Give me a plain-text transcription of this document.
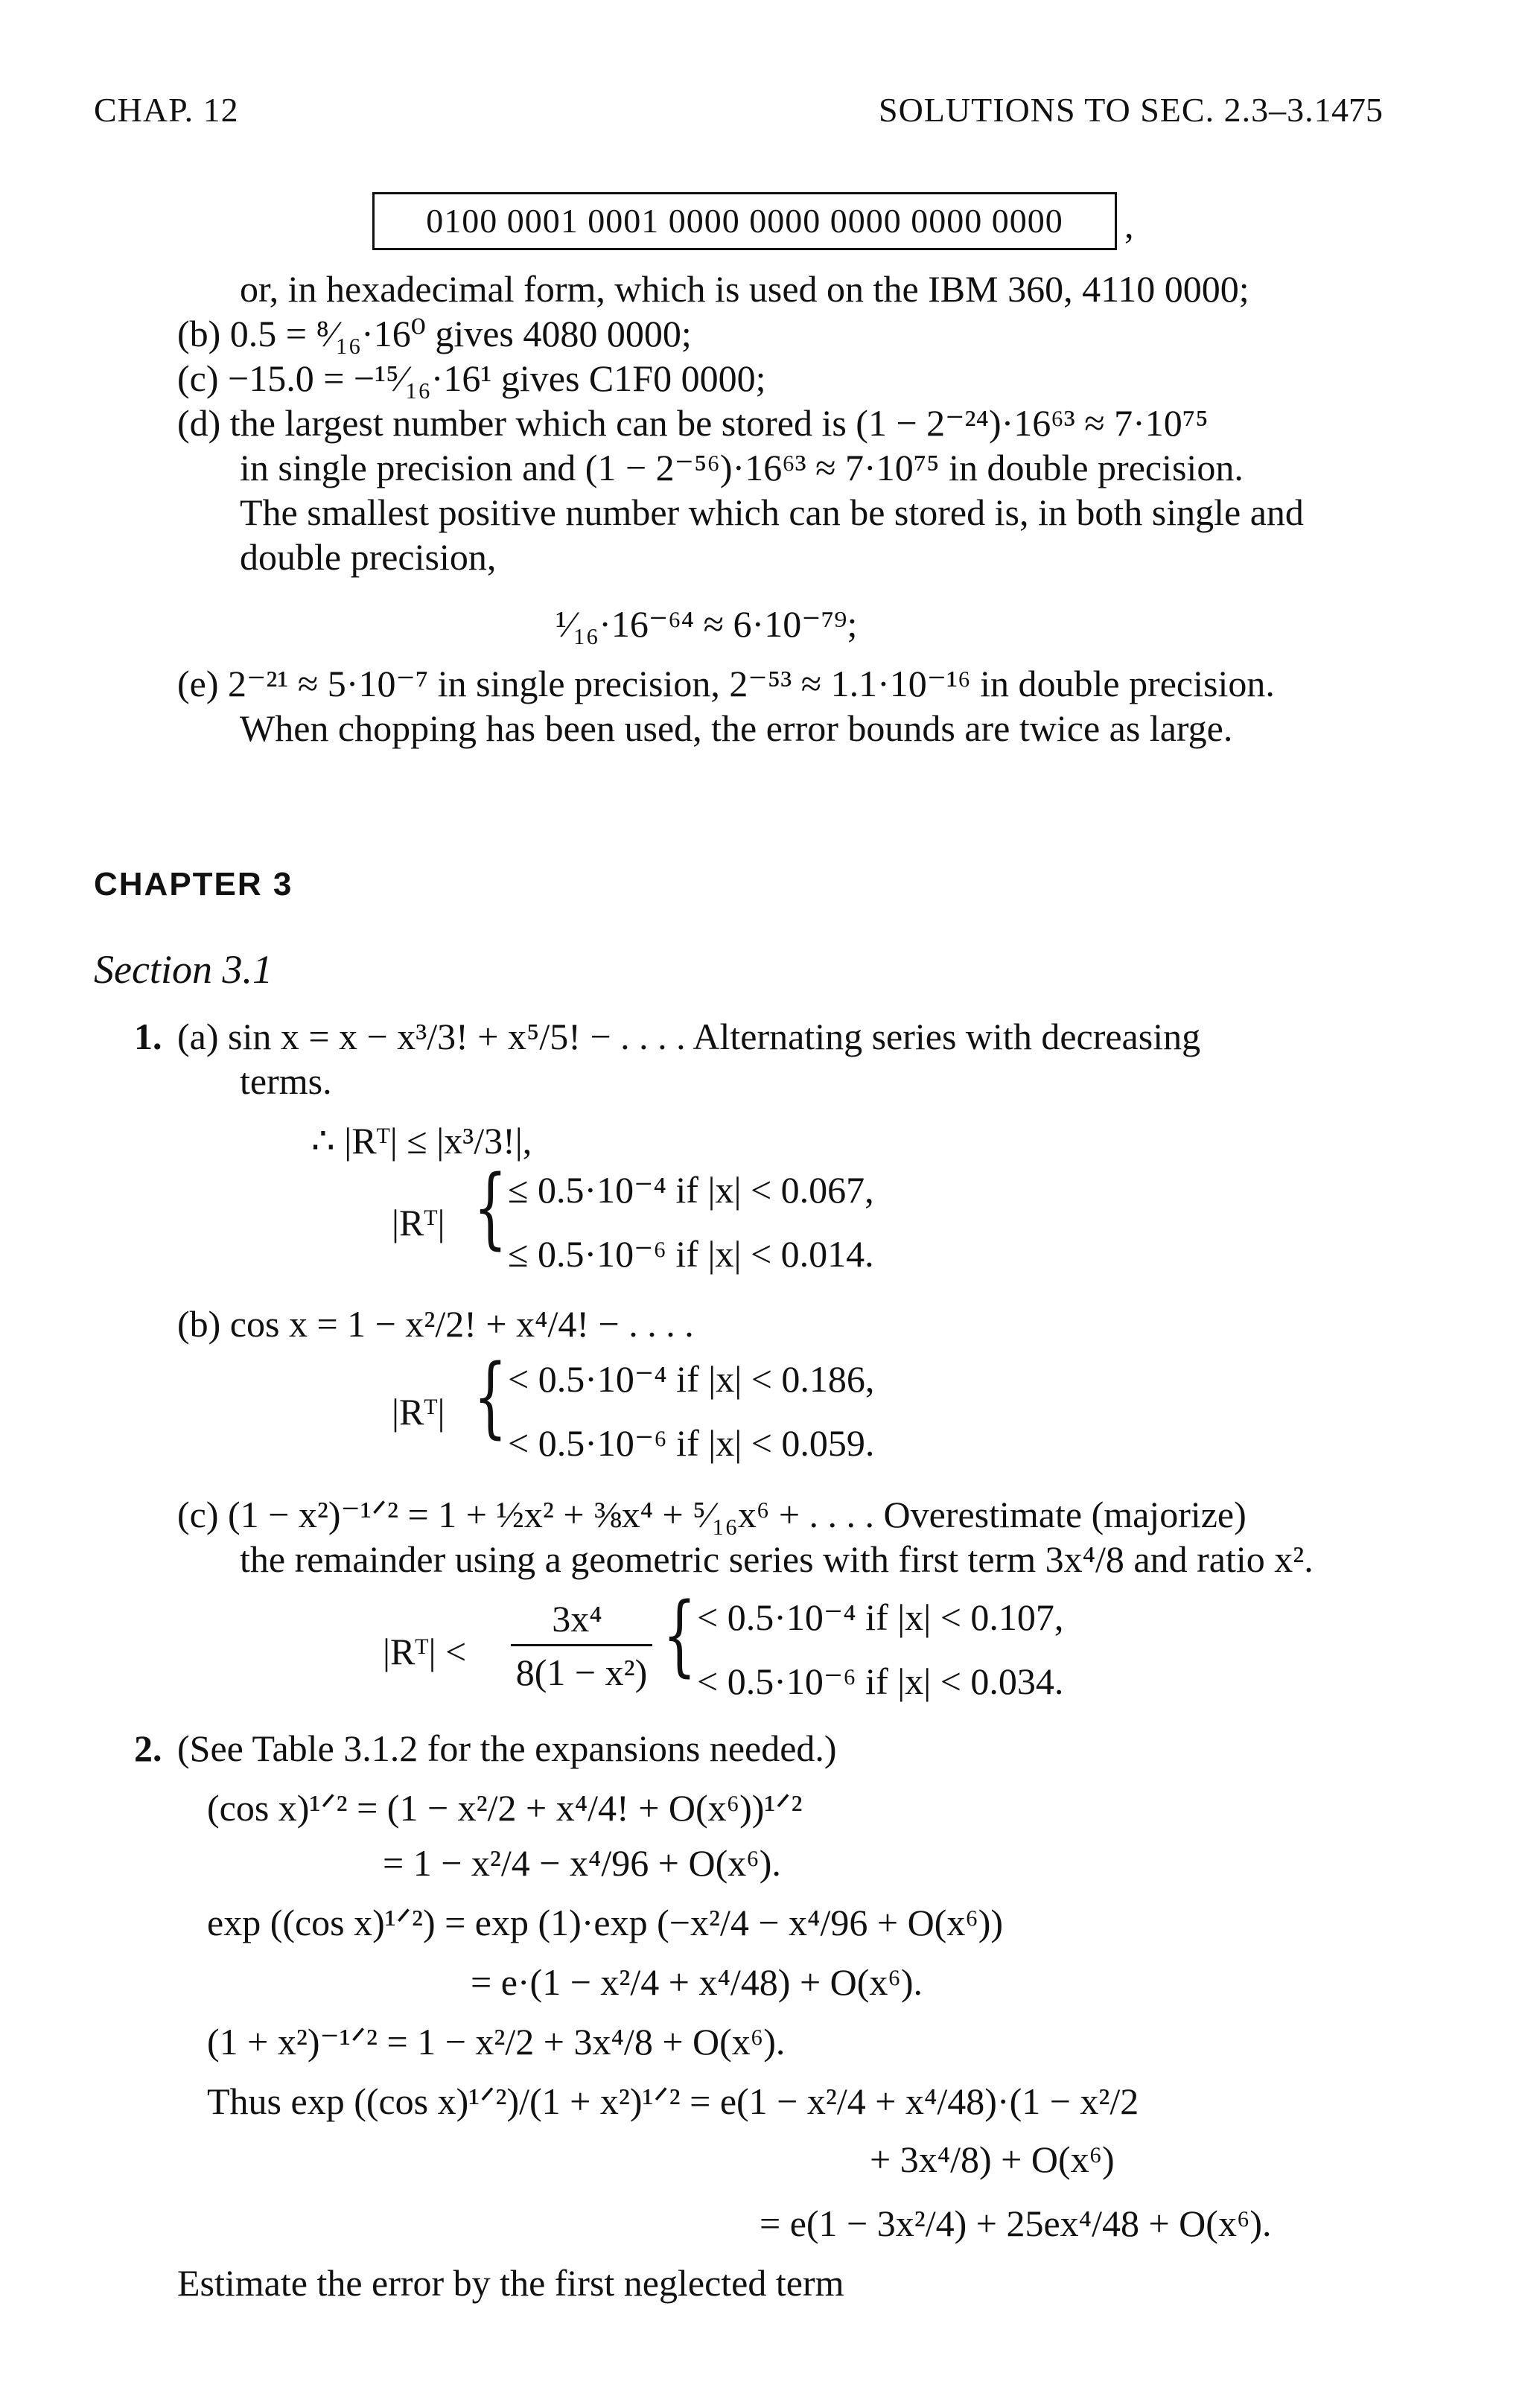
CHAP. 12	SOLUTIONS TO SEC. 2.3–3.1 475
0100 0001 0001 0000 0000 0000 0000 0000	,
or, in hexadecimal form, which is used on the IBM 360, 4110 0000;
(b) 0.5 = ⁸⁄₁₆·16⁰ gives 4080 0000;
(c) −15.0 = −¹⁵⁄₁₆·16¹ gives C1F0 0000;
(d) the largest number which can be stored is (1 − 2⁻²⁴)·16⁶³ ≈ 7·10⁷⁵
in single precision and (1 − 2⁻⁵⁶)·16⁶³ ≈ 7·10⁷⁵ in double precision.
The smallest positive number which can be stored is, in both single and
double precision,
¹⁄₁₆·16⁻⁶⁴ ≈ 6·10⁻⁷⁹;
(e) 2⁻²¹ ≈ 5·10⁻⁷ in single precision, 2⁻⁵³ ≈ 1.1·10⁻¹⁶ in double precision.
When chopping has been used, the error bounds are twice as large.
CHAPTER 3
Section 3.1
1. (a) sin x = x − x³/3! + x⁵/5! − . . . . Alternating series with decreasing
terms.
∴ |Rᵀ| ≤ |x³/3!|,
|Rᵀ| { ≤ 0.5·10⁻⁴ if |x| < 0.067,
≤ 0.5·10⁻⁶ if |x| < 0.014.
(b) cos x = 1 − x²/2! + x⁴/4! − . . . .
|Rᵀ| { < 0.5·10⁻⁴ if |x| < 0.186,
< 0.5·10⁻⁶ if |x| < 0.059.
(c) (1 − x²)⁻¹ᐟ² = 1 + ½x² + ⅜x⁴ + ⁵⁄₁₆x⁶ + . . . . Overestimate (majorize)
the remainder using a geometric series with first term 3x⁴/8 and ratio x².
|Rᵀ| <
3x⁴
8(1 − x²) { < 0.5·10⁻⁴ if |x| < 0.107,
< 0.5·10⁻⁶ if |x| < 0.034.
2. (See Table 3.1.2 for the expansions needed.)
(cos x)¹ᐟ² = (1 − x²/2 + x⁴/4! + O(x⁶))¹ᐟ²
= 1 − x²/4 − x⁴/96 + O(x⁶).
exp ((cos x)¹ᐟ²) = exp (1)·exp (−x²/4 − x⁴/96 + O(x⁶))
= e·(1 − x²/4 + x⁴/48) + O(x⁶).
(1 + x²)⁻¹ᐟ² = 1 − x²/2 + 3x⁴/8 + O(x⁶).
Thus exp ((cos x)¹ᐟ²)/(1 + x²)¹ᐟ² = e(1 − x²/4 + x⁴/48)·(1 − x²/2
+ 3x⁴/8) + O(x⁶)
= e(1 − 3x²/4) + 25ex⁴/48 + O(x⁶).
Estimate the error by the first neglected term
